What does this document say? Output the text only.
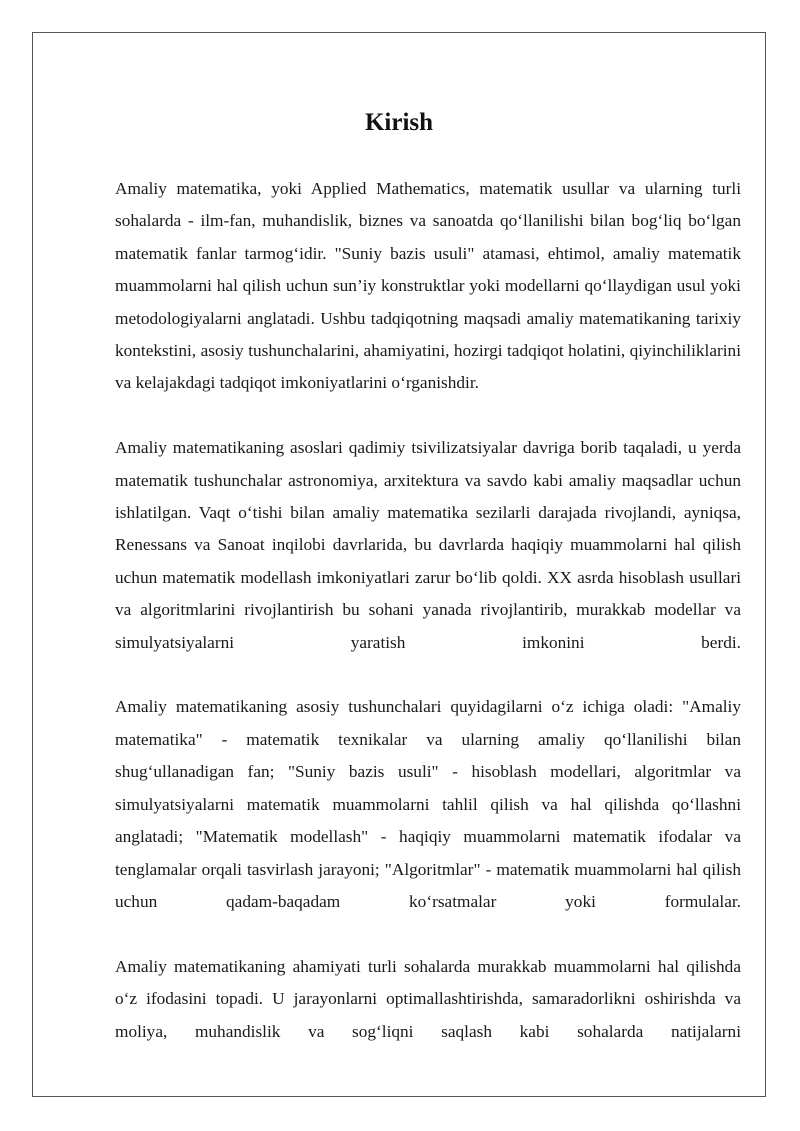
Kirish

Amaliy matematika, yoki Applied Mathematics, matematik usullar va ularning turli sohalarda - ilm-fan, muhandislik, biznes va sanoatda qo‘llanilishi bilan bog‘liq bo‘lgan matematik fanlar tarmog‘idir. "Suniy bazis usuli" atamasi, ehtimol, amaliy matematik muammolarni hal qilish uchun sun’iy konstruktlar yoki modellarni qo‘llaydigan usul yoki metodologiyalarni anglatadi. Ushbu tadqiqotning maqsadi amaliy matematikaning tarixiy kontekstini, asosiy tushunchalarini, ahamiyatini, hozirgi tadqiqot holatini, qiyinchiliklarini va kelajakdagi tadqiqot imkoniyatlarini o‘rganishdir.

Amaliy matematikaning asoslari qadimiy tsivilizatsiyalar davriga borib taqaladi, u yerda matematik tushunchalar astronomiya, arxitektura va savdo kabi amaliy maqsadlar uchun ishlatilgan. Vaqt o‘tishi bilan amaliy matematika sezilarli darajada rivojlandi, ayniqsa, Renessans va Sanoat inqilobi davrlarida, bu davrlarda haqiqiy muammolarni hal qilish uchun matematik modellash imkoniyatlari zarur bo‘lib qoldi. XX asrda hisoblash usullari va algoritmlarini rivojlantirish bu sohani yanada rivojlantirib, murakkab modellar va simulyatsiyalarni yaratish imkonini berdi.

Amaliy matematikaning asosiy tushunchalari quyidagilarni o‘z ichiga oladi: "Amaliy matematika" - matematik texnikalar va ularning amaliy qo‘llanilishi bilan shug‘ullanadigan fan; "Suniy bazis usuli" - hisoblash modellari, algoritmlar va simulyatsiyalarni matematik muammolarni tahlil qilish va hal qilishda qo‘llashni anglatadi; "Matematik modellash" - haqiqiy muammolarni matematik ifodalar va tenglamalar orqali tasvirlash jarayoni; "Algoritmlar" - matematik muammolarni hal qilish uchun qadam-baqadam ko‘rsatmalar yoki formulalar.

Amaliy matematikaning ahamiyati turli sohalarda murakkab muammolarni hal qilishda o‘z ifodasini topadi. U jarayonlarni optimallashtirishda, samaradorlikni oshirishda va moliya, muhandislik va sog‘liqni saqlash kabi sohalarda natijalarni
